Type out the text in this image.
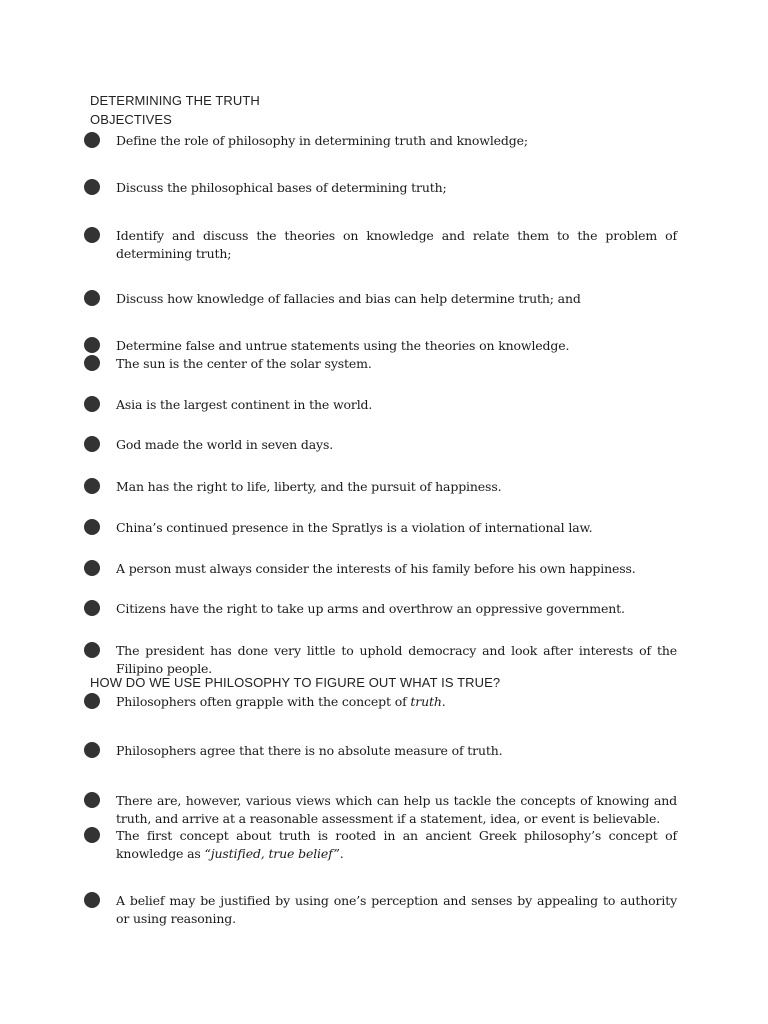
DETERMINING THE TRUTH
OBJECTIVES
Define the role of philosophy in determining truth and knowledge;
Discuss the philosophical bases of determining truth;
Identify and discuss the theories on knowledge and relate them to the problem of determining truth;
Discuss how knowledge of fallacies and bias can help determine truth; and
Determine false and untrue statements using the theories on knowledge.
The sun is the center of the solar system.
Asia is the largest continent in the world.
God made the world in seven days.
Man has the right to life, liberty, and the pursuit of happiness.
China’s continued presence in the Spratlys is a violation of international law.
A person must always consider the interests of his family before his own happiness.
Citizens have the right to take up arms and overthrow an oppressive government.
The president has done very little to uphold democracy and look after interests of the Filipino people.
HOW DO WE USE PHILOSOPHY TO FIGURE OUT WHAT IS TRUE?
Philosophers often grapple with the concept of truth.
Philosophers agree that there is no absolute measure of truth.
There are, however, various views which can help us tackle the concepts of knowing and truth, and arrive at a reasonable assessment if a statement, idea, or event is believable.
The first concept about truth is rooted in an ancient Greek philosophy’s concept of knowledge as “justified, true belief”.
A belief may be justified by using one’s perception and senses by appealing to authority or using reasoning.
